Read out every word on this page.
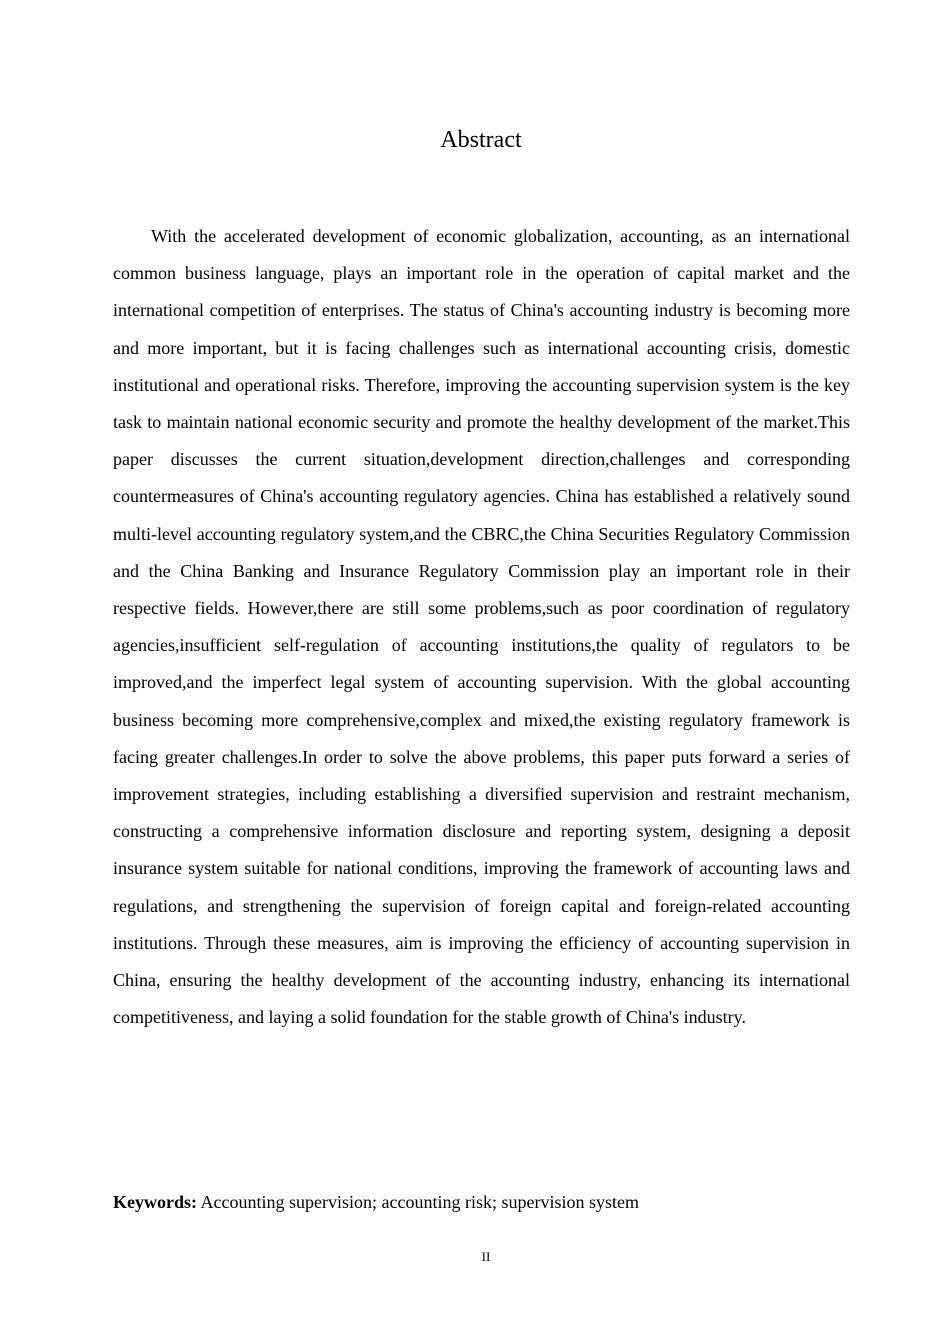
Abstract

With the accelerated development of economic globalization, accounting, as an international common business language, plays an important role in the operation of capital market and the international competition of enterprises. The status of China's accounting industry is becoming more and more important, but it is facing challenges such as international accounting crisis, domestic institutional and operational risks. Therefore, improving the accounting supervision system is the key task to maintain national economic security and promote the healthy development of the market.This paper discusses the current situation,development direction,challenges and corresponding countermeasures of China's accounting regulatory agencies. China has established a relatively sound multi-level accounting regulatory system,and the CBRC,the China Securities Regulatory Commission and the China Banking and Insurance Regulatory Commission play an important role in their respective fields. However,there are still some problems,such as poor coordination of regulatory agencies,insufficient self-regulation of accounting institutions,the quality of regulators to be improved,and the imperfect legal system of accounting supervision. With the global accounting business becoming more comprehensive,complex and mixed,the existing regulatory framework is facing greater challenges.In order to solve the above problems, this paper puts forward a series of improvement strategies, including establishing a diversified supervision and restraint mechanism, constructing a comprehensive information disclosure and reporting system, designing a deposit insurance system suitable for national conditions, improving the framework of accounting laws and regulations, and strengthening the supervision of foreign capital and foreign-related accounting institutions. Through these measures, aim is improving the efficiency of accounting supervision in China, ensuring the healthy development of the accounting industry, enhancing its international competitiveness, and laying a solid foundation for the stable growth of China's industry.

Keywords: Accounting supervision; accounting risk; supervision system

II
